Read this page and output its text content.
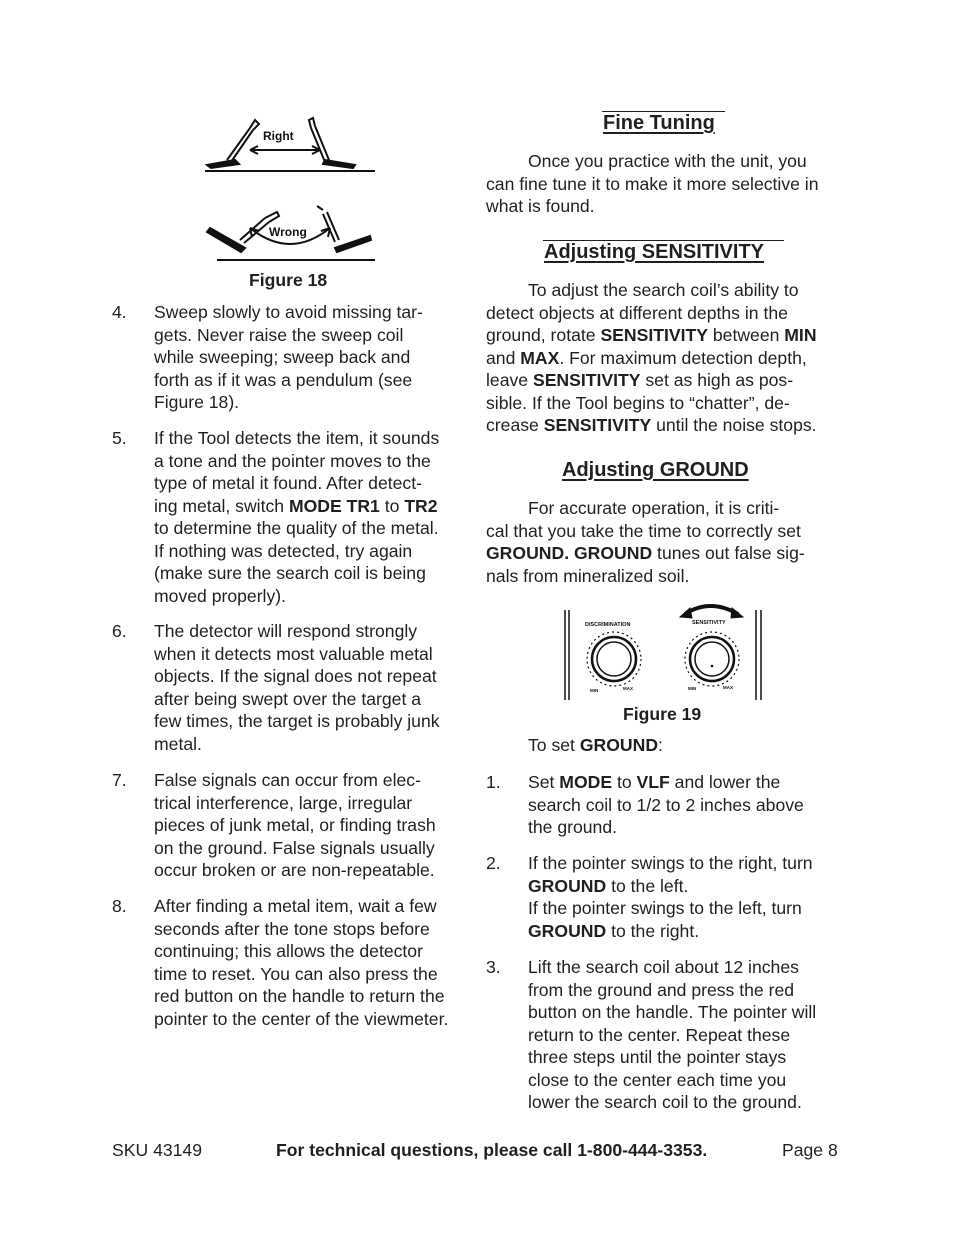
Right
Wrong
Figure 18
4. Sweep slowly to avoid missing tar-
gets. Never raise the sweep coil
while sweeping; sweep back and
forth as if it was a pendulum (see
Figure 18).
5. If the Tool detects the item, it sounds
a tone and the pointer moves to the
type of metal it found. After detect-
ing metal, switch MODE TR1 to TR2
to determine the quality of the metal.
If nothing was detected, try again
(make sure the search coil is being
moved properly).
6. The detector will respond strongly
when it detects most valuable metal
objects. If the signal does not repeat
after being swept over the target a
few times, the target is probably junk
metal.
7. False signals can occur from elec-
trical interference, large, irregular
pieces of junk metal, or finding trash
on the ground. False signals usually
occur broken or are non-repeatable.
8. After finding a metal item, wait a few
seconds after the tone stops before
continuing; this allows the detector
time to reset. You can also press the
red button on the handle to return the
pointer to the center of the viewmeter.
Fine Tuning
Once you practice with the unit, you
can fine tune it to make it more selective in
what is found.
Adjusting SENSITIVITY
To adjust the search coil’s ability to
detect objects at different depths in the
ground, rotate SENSITIVITY between MIN
and MAX. For maximum detection depth,
leave SENSITIVITY set as high as pos-
sible. If the Tool begins to “chatter”, de-
crease SENSITIVITY until the noise stops.
Adjusting GROUND
For accurate operation, it is criti-
cal that you take the time to correctly set
GROUND. GROUND tunes out false sig-
nals from mineralized soil.
DISCRIMINATION	SENSITIVITY
MIN	MAX	MIN	MAX
Figure 19
To set GROUND:
1. Set MODE to VLF and lower the
search coil to 1/2 to 2 inches above
the ground.
2. If the pointer swings to the right, turn
GROUND to the left.
If the pointer swings to the left, turn
GROUND to the right.
3. Lift the search coil about 12 inches
from the ground and press the red
button on the handle. The pointer will
return to the center. Repeat these
three steps until the pointer stays
close to the center each time you
lower the search coil to the ground.
SKU 43149	For technical questions, please call 1-800-444-3353.	Page 8
